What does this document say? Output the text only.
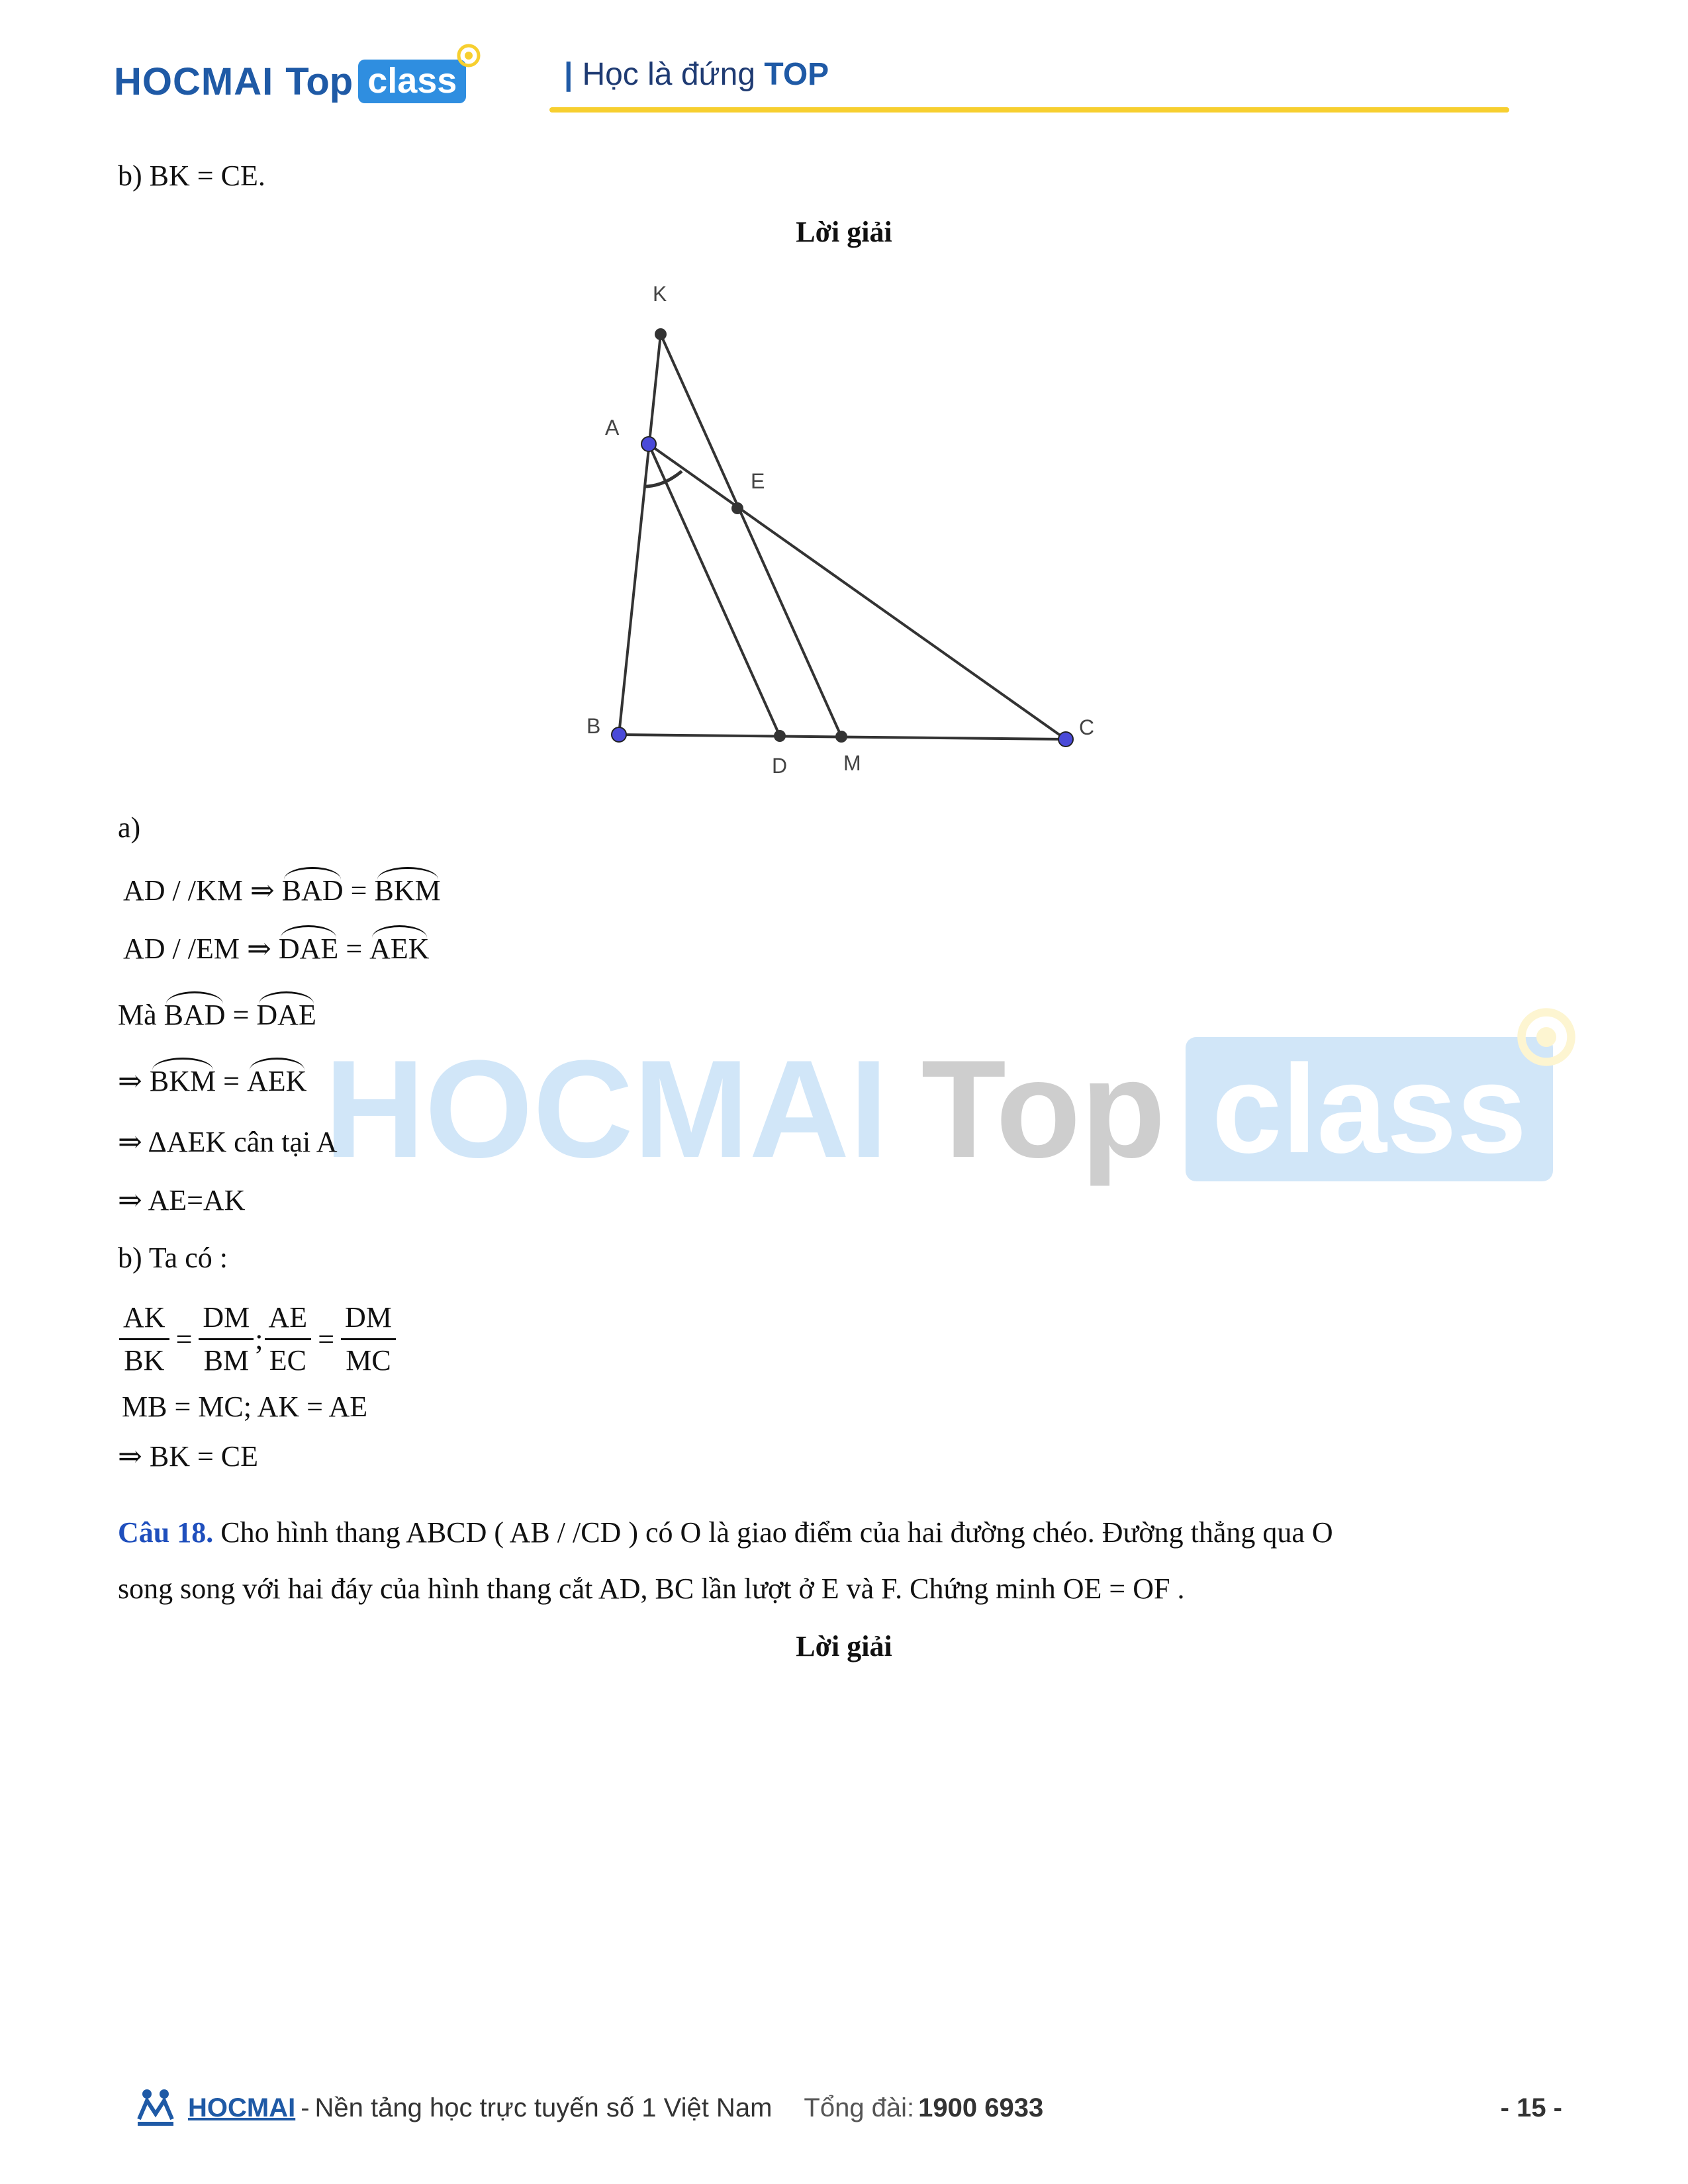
HOCMAI Top class	| Học là đứng TOP
HOCMAI Top class
b) BK = CE.
Lời giải
K
A
E
B
D	M
C
a)
AD / /KM ⇒ BAD = BKM
AD / /EM ⇒ DAE = AEK
Mà BAD = DAE
⇒ BKM = AEK
⇒ ΔAEK cân tại A
⇒ AE=AK
b) Ta có :
$\frac{AK}{BK} = \frac{DM}{BM}$ ; $\frac{AE}{EC} = \frac{DM}{MC}$
MB = MC; AK = AE
⇒ BK = CE
Câu 18. Cho hình thang ABCD ( AB / /CD ) có O là giao điểm của hai đường chéo. Đường thẳng qua O
song song với hai đáy của hình thang cắt AD, BC lần lượt ở E và F. Chứng minh OE = OF .
Lời giải
HOCMAI - Nền tảng học trực tuyến số 1 Việt Nam Tổng đài: 1900 6933	- 15 -
